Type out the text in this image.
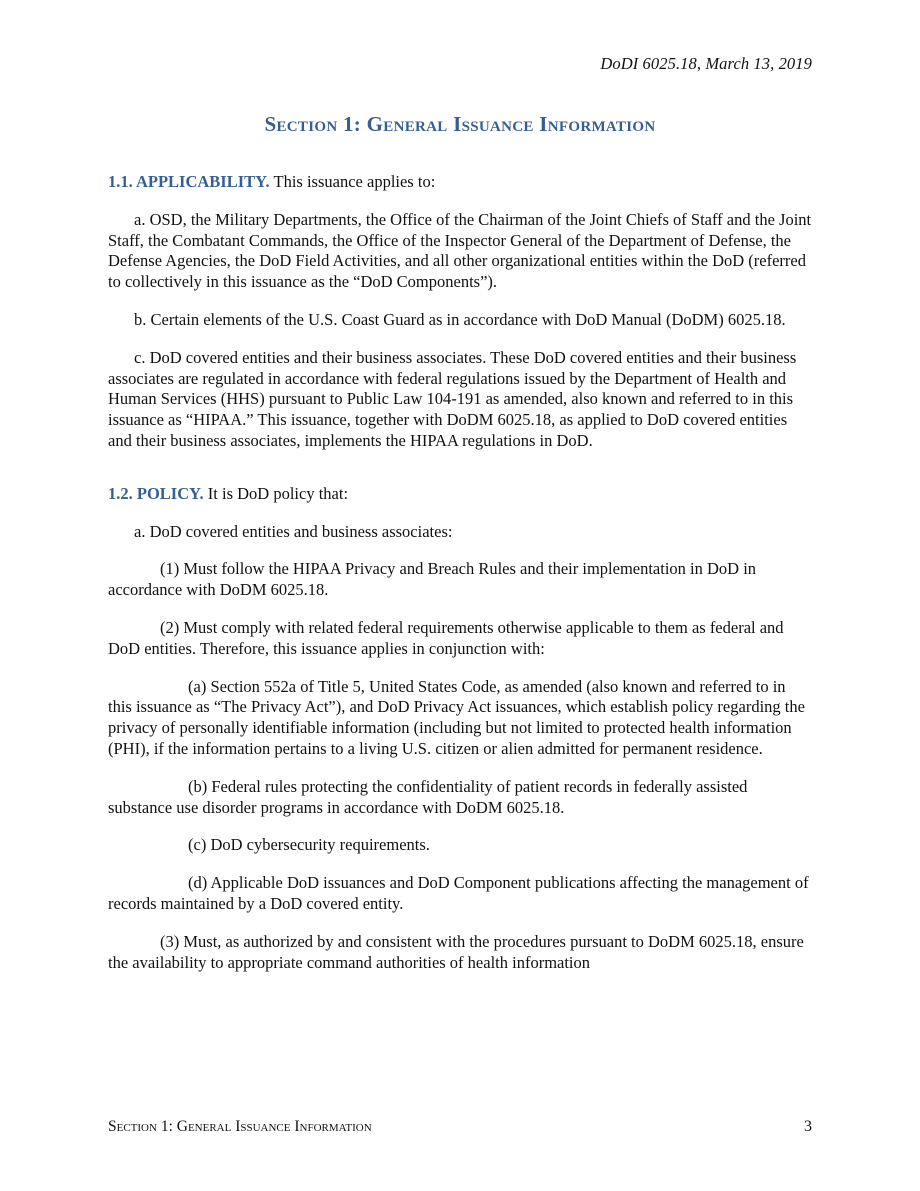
DoDI 6025.18, March 13, 2019
Section 1: General Issuance Information

1.1. APPLICABILITY. This issuance applies to:

a. OSD, the Military Departments, the Office of the Chairman of the Joint Chiefs of Staff and the Joint Staff, the Combatant Commands, the Office of the Inspector General of the Department of Defense, the Defense Agencies, the DoD Field Activities, and all other organizational entities within the DoD (referred to collectively in this issuance as the “DoD Components”).

b. Certain elements of the U.S. Coast Guard as in accordance with DoD Manual (DoDM) 6025.18.

c. DoD covered entities and their business associates. These DoD covered entities and their business associates are regulated in accordance with federal regulations issued by the Department of Health and Human Services (HHS) pursuant to Public Law 104-191 as amended, also known and referred to in this issuance as “HIPAA.” This issuance, together with DoDM 6025.18, as applied to DoD covered entities and their business associates, implements the HIPAA regulations in DoD.

1.2. POLICY. It is DoD policy that:

a. DoD covered entities and business associates:

(1) Must follow the HIPAA Privacy and Breach Rules and their implementation in DoD in accordance with DoDM 6025.18.

(2) Must comply with related federal requirements otherwise applicable to them as federal and DoD entities. Therefore, this issuance applies in conjunction with:

(a) Section 552a of Title 5, United States Code, as amended (also known and referred to in this issuance as “The Privacy Act”), and DoD Privacy Act issuances, which establish policy regarding the privacy of personally identifiable information (including but not limited to protected health information (PHI), if the information pertains to a living U.S. citizen or alien admitted for permanent residence.

(b) Federal rules protecting the confidentiality of patient records in federally assisted substance use disorder programs in accordance with DoDM 6025.18.

(c) DoD cybersecurity requirements.

(d) Applicable DoD issuances and DoD Component publications affecting the management of records maintained by a DoD covered entity.

(3) Must, as authorized by and consistent with the procedures pursuant to DoDM 6025.18, ensure the availability to appropriate command authorities of health information

Section 1: General Issuance Information	3
